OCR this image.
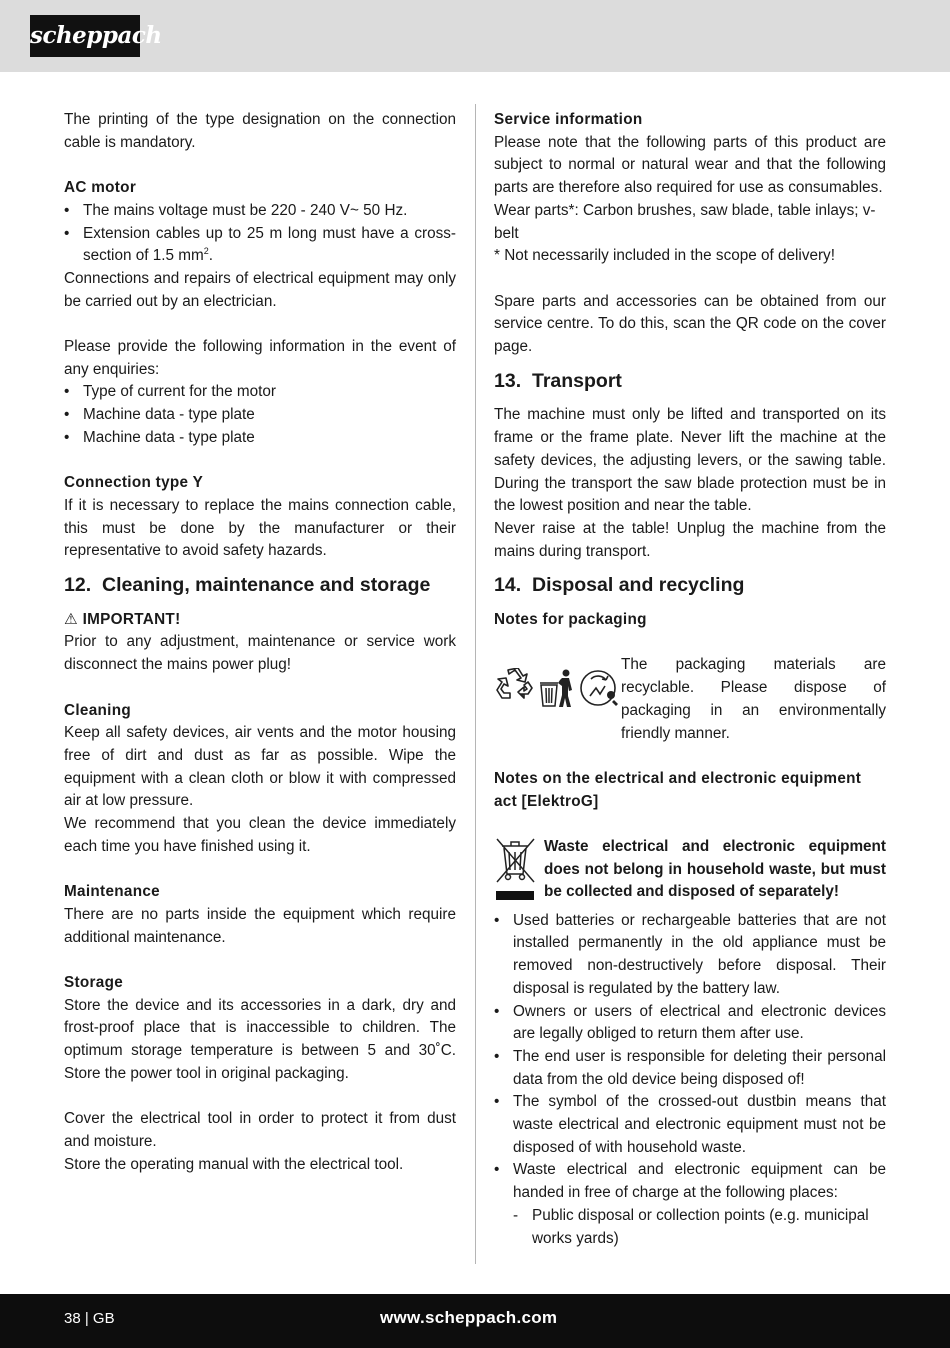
scheppach

The printing of the type designation on the connection cable is mandatory.

AC motor
• The mains voltage must be 220 - 240 V~ 50 Hz.
• Extension cables up to 25 m long must have a cross-section of 1.5 $mm^2$.

Connections and repairs of electrical equipment may only be carried out by an electrician.

Please provide the following information in the event of any enquiries:

• Type of current for the motor
• Machine data - type plate
• Machine data - type plate
Connection type Y

If it is necessary to replace the mains connection cable, this must be done by the manufacturer or their representative to avoid safety hazards.

12. Cleaning, maintenance and storage
⚠ IMPORTANT!

Prior to any adjustment, maintenance or service work disconnect the mains power plug!

Cleaning

Keep all safety devices, air vents and the motor housing free of dirt and dust as far as possible. Wipe the equipment with a clean cloth or blow it with compressed air at low pressure.

We recommend that you clean the device immediately each time you have finished using it.

Maintenance

There are no parts inside the equipment which require additional maintenance.

Storage

Store the device and its accessories in a dark, dry and frost-proof place that is inaccessible to children. The optimum storage temperature is between 5 and 30˚C. Store the power tool in original packaging.

Cover the electrical tool in order to protect it from dust and moisture.

Store the operating manual with the electrical tool.

Service information

Please note that the following parts of this product are subject to normal or natural wear and that the following parts are therefore also required for use as consumables.

Wear parts*: Carbon brushes, saw blade, table inlays; v-belt

* Not necessarily included in the scope of delivery!

Spare parts and accessories can be obtained from our service centre. To do this, scan the QR code on the cover page.

13. Transport

The machine must only be lifted and transported on its frame or the frame plate. Never lift the machine at the safety devices, the adjusting levers, or the sawing table. During the transport the saw blade protection must be in the lowest position and near the table.

Never raise at the table! Unplug the machine from the mains during transport.

14. Disposal and recycling
Notes for packaging

The packaging materials are recyclable. Please dispose of packaging in an environmentally friendly manner.

Notes on the electrical and electronic equipment act [ElektroG]

Waste electrical and electronic equipment does not belong in household waste, but must be collected and disposed of separately!

• Used batteries or rechargeable batteries that are not installed permanently in the old appliance must be removed non-destructively before disposal. Their disposal is regulated by the battery law.
• Owners or users of electrical and electronic devices are legally obliged to return them after use.
• The end user is responsible for deleting their personal data from the old device being disposed of!
• The symbol of the crossed-out dustbin means that waste electrical and electronic equipment must not be disposed of with household waste.
• Waste electrical and electronic equipment can be handed in free of charge at the following places:
- Public disposal or collection points (e.g. municipal works yards)
38 | GB	www.scheppach.com
